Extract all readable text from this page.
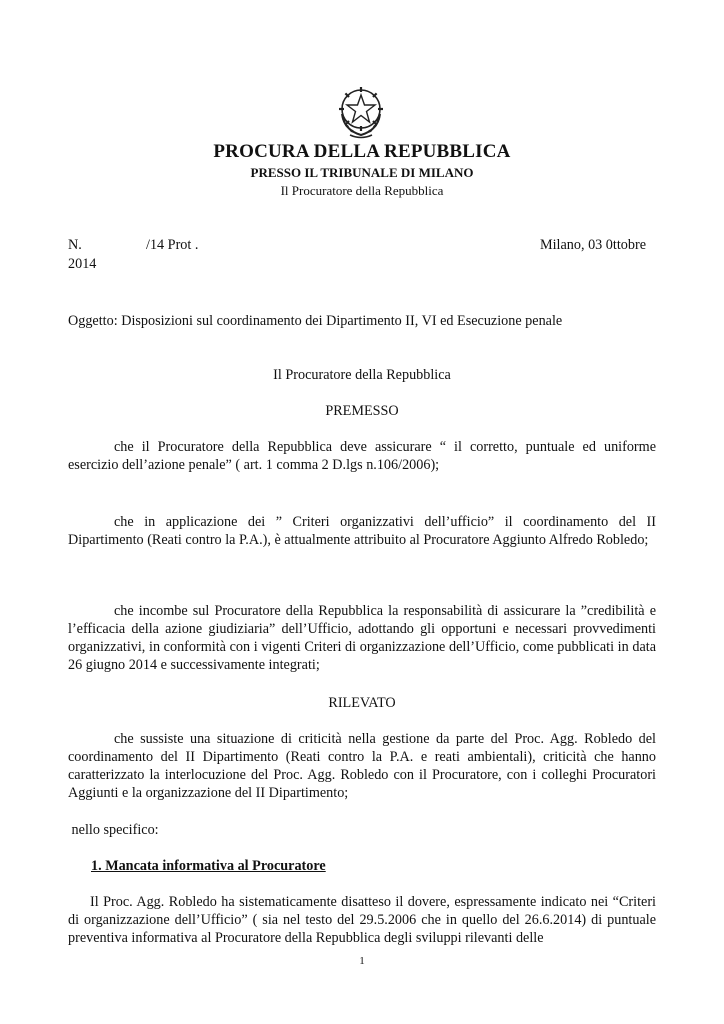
PROCURA DELLA REPUBBLICA
PRESSO IL TRIBUNALE DI MILANO
Il Procuratore della Repubblica
N.	/14 Prot .	Milano, 03 0ttobre
2014
Oggetto: Disposizioni sul coordinamento dei Dipartimento II, VI ed Esecuzione penale
Il Procuratore della Repubblica
PREMESSO
che il Procuratore della Repubblica deve assicurare “ il corretto, puntuale ed uniforme esercizio dell’azione penale” ( art. 1 comma 2 D.lgs n.106/2006);
che in applicazione dei ” Criteri organizzativi dell’ufficio” il coordinamento del II Dipartimento (Reati contro la P.A.), è attualmente attribuito al Procuratore Aggiunto Alfredo Robledo;
che incombe sul Procuratore della Repubblica la responsabilità di assicurare la ”credibilità e l’efficacia della azione giudiziaria” dell’Ufficio, adottando gli opportuni e necessari provvedimenti organizzativi, in conformità con i vigenti Criteri di organizzazione dell’Ufficio, come pubblicati in data 26 giugno 2014 e successivamente integrati;
RILEVATO
che sussiste una situazione di criticità nella gestione da parte del Proc. Agg. Robledo del coordinamento del II Dipartimento (Reati contro la P.A. e reati ambientali), criticità che hanno caratterizzato la interlocuzione del Proc. Agg. Robledo con il Procuratore, con i colleghi Procuratori Aggiunti e la organizzazione del II Dipartimento;
nello specifico:
1. Mancata informativa al Procuratore
Il Proc. Agg. Robledo ha sistematicamente disatteso il dovere, espressamente indicato nei “Criteri di organizzazione dell’Ufficio” ( sia nel testo del 29.5.2006 che in quello del 26.6.2014) di puntuale preventiva informativa al Procuratore della Repubblica degli sviluppi rilevanti delle
1
